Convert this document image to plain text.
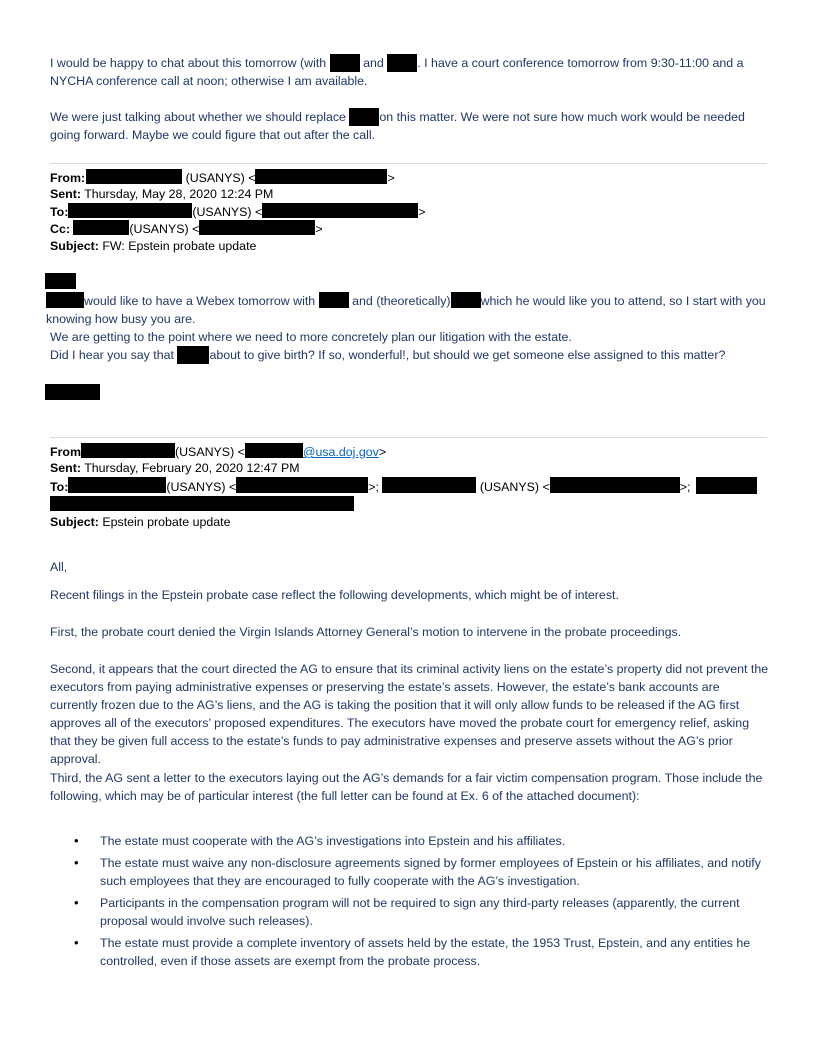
I would be happy to chat about this tomorrow (with	and	. I have a court conference tomorrow from 9:30-11:00 and a NYCHA conference call at noon; otherwise I am available.

We were just talking about whether we should replace	on this matter. We were not sure how much work would be needed going forward. Maybe we could figure that out after the call.

From:	(USANYS) <	>
Sent: Thursday, May 28, 2020 12:24 PM
To:	(USANYS) <	>
Cc:	(USANYS) <	>
Subject: FW: Epstein probate update

would like to have a Webex tomorrow with	and (theoretically) which he would like you to attend, so I start with you knowing how busy you are.

We are getting to the point where we need to more concretely plan our litigation with the estate.

Did I hear you say that	about to give birth? If so, wonderful!, but should we get someone else assigned to this matter?

From	(USANYS) <	@usa.doj.gov>
Sent: Thursday, February 20, 2020 12:47 PM
To:	(USANYS) <	>;	(USANYS) <	>;
Subject: Epstein probate update

All,

Recent filings in the Epstein probate case reflect the following developments, which might be of interest.

First, the probate court denied the Virgin Islands Attorney General’s motion to intervene in the probate proceedings.

Second, it appears that the court directed the AG to ensure that its criminal activity liens on the estate’s property did not prevent the executors from paying administrative expenses or preserving the estate’s assets. However, the estate’s bank accounts are currently frozen due to the AG’s liens, and the AG is taking the position that it will only allow funds to be released if the AG first approves all of the executors’ proposed expenditures. The executors have moved the probate court for emergency relief, asking that they be given full access to the estate’s funds to pay administrative expenses and preserve assets without the AG’s prior approval.

Third, the AG sent a letter to the executors laying out the AG’s demands for a fair victim compensation program. Those include the following, which may be of particular interest (the full letter can be found at Ex. 6 of the attached document):

• The estate must cooperate with the AG’s investigations into Epstein and his affiliates.
• The estate must waive any non-disclosure agreements signed by former employees of Epstein or his affiliates, and notify such employees that they are encouraged to fully cooperate with the AG’s investigation.
• Participants in the compensation program will not be required to sign any third-party releases (apparently, the current proposal would involve such releases).
• The estate must provide a complete inventory of assets held by the estate, the 1953 Trust, Epstein, and any entities he controlled, even if those assets are exempt from the probate process.
